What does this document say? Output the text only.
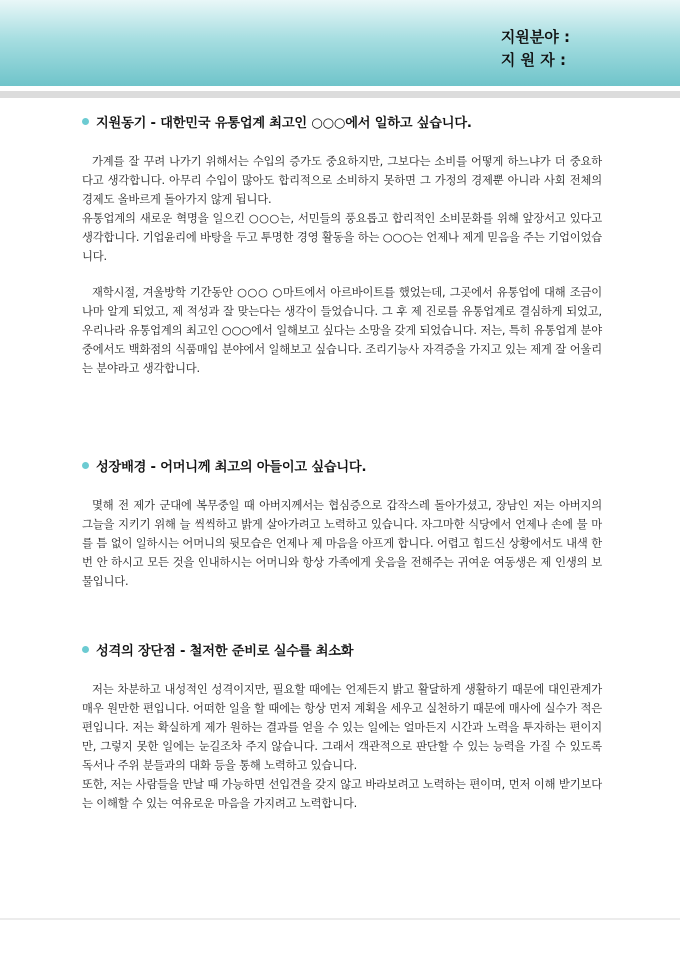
지원분야 :
지 원 자 :
지원동기 - 대한민국 유통업계 최고인 ○○○에서 일하고 싶습니다.

가계를 잘 꾸려 나가기 위해서는 수입의 증가도 중요하지만, 그보다는 소비를 어떻게 하느냐가 더 중요하다고 생각합니다. 아무리 수입이 많아도 합리적으로 소비하지 못하면 그 가정의 경제뿐 아니라 사회 전체의 경제도 올바르게 돌아가지 않게 됩니다.

유통업계의 새로운 혁명을 일으킨 ○○○는, 서민들의 풍요롭고 합리적인 소비문화를 위해 앞장서고 있다고 생각합니다. 기업윤리에 바탕을 두고 투명한 경영 활동을 하는 ○○○는 언제나 제게 믿음을 주는 기업이었습니다.

재학시절, 겨울방학 기간동안 ○○○ ○마트에서 아르바이트를 했었는데, 그곳에서 유통업에 대해 조금이나마 알게 되었고, 제 적성과 잘 맞는다는 생각이 들었습니다. 그 후 제 진로를 유통업계로 결심하게 되었고, 우리나라 유통업계의 최고인 ○○○에서 일해보고 싶다는 소망을 갖게 되었습니다. 저는, 특히 유통업계 분야 중에서도 백화점의 식품매입 분야에서 일해보고 싶습니다. 조리기능사 자격증을 가지고 있는 제게 잘 어울리는 분야라고 생각합니다.

성장배경 - 어머니께 최고의 아들이고 싶습니다.

몇해 전 제가 군대에 복무중일 때 아버지께서는 협심증으로 갑작스레 돌아가셨고, 장남인 저는 아버지의 그늘을 지키기 위해 늘 씩씩하고 밝게 살아가려고 노력하고 있습니다. 자그마한 식당에서 언제나 손에 물 마를 틈 없이 일하시는 어머니의 뒷모습은 언제나 제 마음을 아프게 합니다. 어렵고 힘드신 상황에서도 내색 한번 안 하시고 모든 것을 인내하시는 어머니와 항상 가족에게 웃음을 전해주는 귀여운 여동생은 제 인생의 보물입니다.

성격의 장단점 - 철저한 준비로 실수를 최소화

저는 차분하고 내성적인 성격이지만, 필요할 때에는 언제든지 밝고 활달하게 생활하기 때문에 대인관계가 매우 원만한 편입니다. 어떠한 일을 할 때에는 항상 먼저 계획을 세우고 실천하기 때문에 매사에 실수가 적은 편입니다. 저는 확실하게 제가 원하는 결과를 얻을 수 있는 일에는 얼마든지 시간과 노력을 투자하는 편이지만, 그렇지 못한 일에는 눈길조차 주지 않습니다. 그래서 객관적으로 판단할 수 있는 능력을 가질 수 있도록 독서나 주위 분들과의 대화 등을 통해 노력하고 있습니다.

또한, 저는 사람들을 만날 때 가능하면 선입견을 갖지 않고 바라보려고 노력하는 편이며, 먼저 이해 받기보다는 이해할 수 있는 여유로운 마음을 가지려고 노력합니다.
